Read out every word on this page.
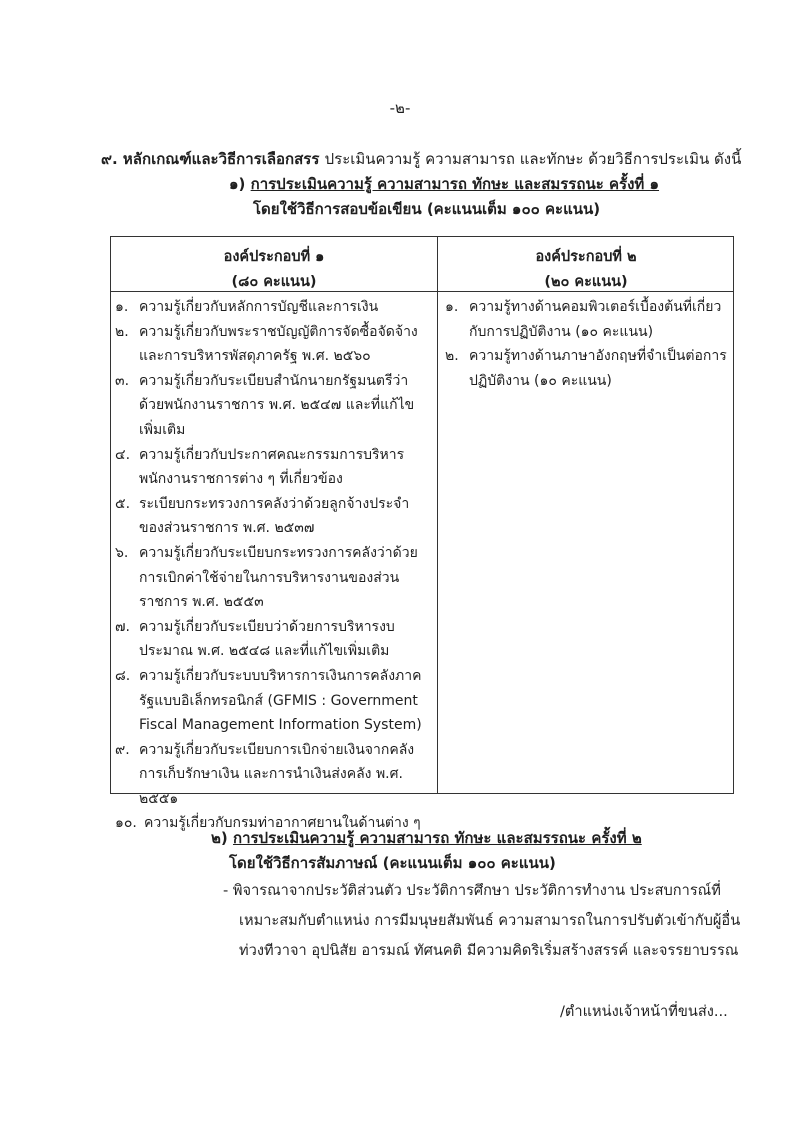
-๒-
๙. หลักเกณฑ์และวิธีการเลือกสรร ประเมินความรู้ ความสามารถ และทักษะ ด้วยวิธีการประเมิน ดังนี้
๑) การประเมินความรู้ ความสามารถ ทักษะ และสมรรถนะ ครั้งที่ ๑
โดยใช้วิธีการสอบข้อเขียน (คะแนนเต็ม ๑๐๐ คะแนน)
องค์ประกอบที่ ๑
(๘๐ คะแนน)
องค์ประกอบที่ ๒
(๒๐ คะแนน)
๑. ความรู้เกี่ยวกับหลักการบัญชีและการเงิน
๒. ความรู้เกี่ยวกับพระราชบัญญัติการจัดซื้อจัดจ้างและการบริหารพัสดุภาครัฐ พ.ศ. ๒๕๖๐
๓. ความรู้เกี่ยวกับระเบียบสำนักนายกรัฐมนตรีว่าด้วยพนักงานราชการ พ.ศ. ๒๕๔๗ และที่แก้ไขเพิ่มเติม
๔. ความรู้เกี่ยวกับประกาศคณะกรรมการบริหารพนักงานราชการต่าง ๆ ที่เกี่ยวข้อง
๕. ระเบียบกระทรวงการคลังว่าด้วยลูกจ้างประจำของส่วนราชการ พ.ศ. ๒๕๓๗
๖. ความรู้เกี่ยวกับระเบียบกระทรวงการคลังว่าด้วยการเบิกค่าใช้จ่ายในการบริหารงานของส่วนราชการ พ.ศ. ๒๕๕๓
๗. ความรู้เกี่ยวกับระเบียบว่าด้วยการบริหารงบประมาณ พ.ศ. ๒๕๔๘ และที่แก้ไขเพิ่มเติม
๘. ความรู้เกี่ยวกับระบบบริหารการเงินการคลังภาครัฐแบบอิเล็กทรอนิกส์ (GFMIS : Government Fiscal Management Information System)
๙. ความรู้เกี่ยวกับระเบียบการเบิกจ่ายเงินจากคลัง การเก็บรักษาเงิน และการนำเงินส่งคลัง พ.ศ. ๒๕๕๑
๑๐. ความรู้เกี่ยวกับกรมท่าอากาศยานในด้านต่าง ๆ
๑. ความรู้ทางด้านคอมพิวเตอร์เบื้องต้นที่เกี่ยวกับการปฏิบัติงาน (๑๐ คะแนน)
๒. ความรู้ทางด้านภาษาอังกฤษที่จำเป็นต่อการปฏิบัติงาน (๑๐ คะแนน)
๒) การประเมินความรู้ ความสามารถ ทักษะ และสมรรถนะ ครั้งที่ ๒
โดยใช้วิธีการสัมภาษณ์ (คะแนนเต็ม ๑๐๐ คะแนน)
- พิจารณาจากประวัติส่วนตัว ประวัติการศึกษา ประวัติการทำงาน ประสบการณ์ที่
เหมาะสมกับตำแหน่ง การมีมนุษยสัมพันธ์ ความสามารถในการปรับตัวเข้ากับผู้อื่น
ท่วงทีวาจา อุปนิสัย อารมณ์ ทัศนคติ มีความคิดริเริ่มสร้างสรรค์ และจรรยาบรรณ
/ตำแหน่งเจ้าหน้าที่ขนส่ง...
